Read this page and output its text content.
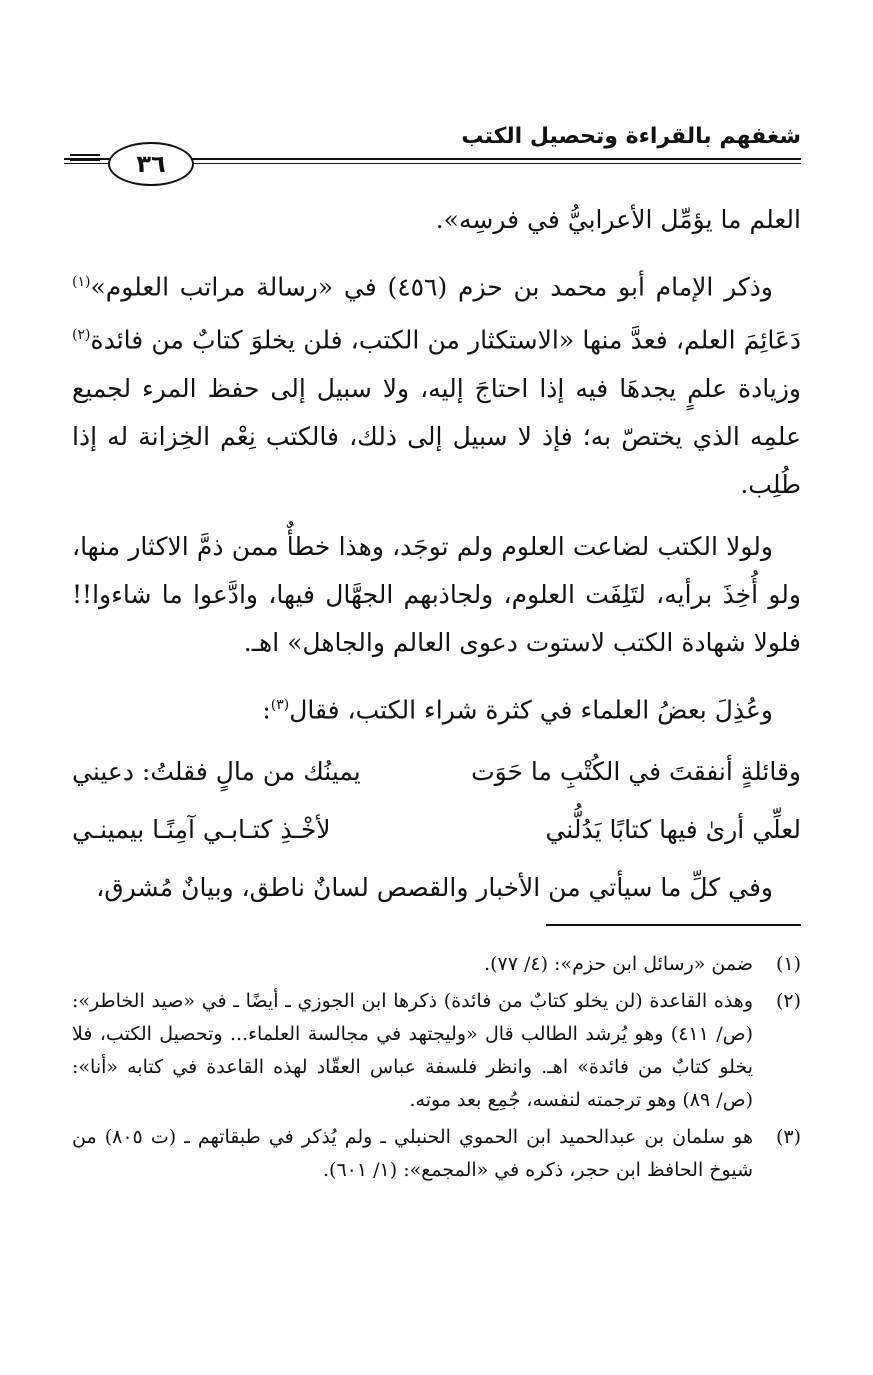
شغفهم بالقراءة وتحصيل الكتب
٣٦

العلم ما يؤمِّل الأعرابيُّ في فرسِه».

وذكر الإمام أبو محمد بن حزم (٤٥٦) في «رسالة مراتب العلوم»$^{(١)}$ دَعَائِمَ العلم، فعدَّ منها «الاستكثار من الكتب، فلن يخلوَ كتابٌ من فائدة$^{(٢)}$ وزيادة علمٍ يجدهَا فيه إذا احتاجَ إليه، ولا سبيل إلى حفظ المرء لجميع علمِه الذي يختصّ به؛ فإذ لا سبيل إلى ذلك، فالكتب نِعْم الخِزانة له إذا طُلِب.

ولولا الكتب لضاعت العلوم ولم توجَد، وهذا خطأٌ ممن ذمَّ الاكثار منها، ولو أُخِذَ برأيه، لتَلِفَت العلوم، ولجاذبهم الجهَّال فيها، وادَّعوا ما شاءوا!! فلولا شهادة الكتب لاستوت دعوى العالم والجاهل» اهـ.

وعُذِلَ بعضُ العلماء في كثرة شراء الكتب، فقال$^{(٣)}$:

وقائلةٍ أنفقتَ في الكُتْبِ ما حَوَت
يمينُك من مالٍ فقلتُ: دعيني
لعلِّي أرىٰ فيها كتابًا يَدُلُّني
لأخْـذِ كتـابـي آمِنًـا بيمينـي

وفي كلِّ ما سيأتي من الأخبار والقصص لسانٌ ناطق، وبيانٌ مُشرق،

(١)
ضمن «رسائل ابن حزم»: (٤/ ٧٧).
(٢)
وهذه القاعدة (لن يخلو كتابٌ من فائدة) ذكرها ابن الجوزي ـ أيضًا ـ في «صيد الخاطر»: (ص/ ٤١١) وهو يُرشد الطالب قال «وليجتهد في مجالسة العلماء... وتحصيل الكتب، فلا يخلو كتابٌ من فائدة» اهـ. وانظر فلسفة عباس العقّاد لهذه القاعدة في كتابه «أنا»: (ص/ ٨٩) وهو ترجمته لنفسه، جُمِع بعد موته.
(٣)
هو سلمان بن عبدالحميد ابن الحموي الحنبلي ـ ولم يُذكر في طبقاتهم ـ (ت ٨٠٥) من شيوخ الحافظ ابن حجر، ذكره في «المجمع»: (١/ ٦٠١).
